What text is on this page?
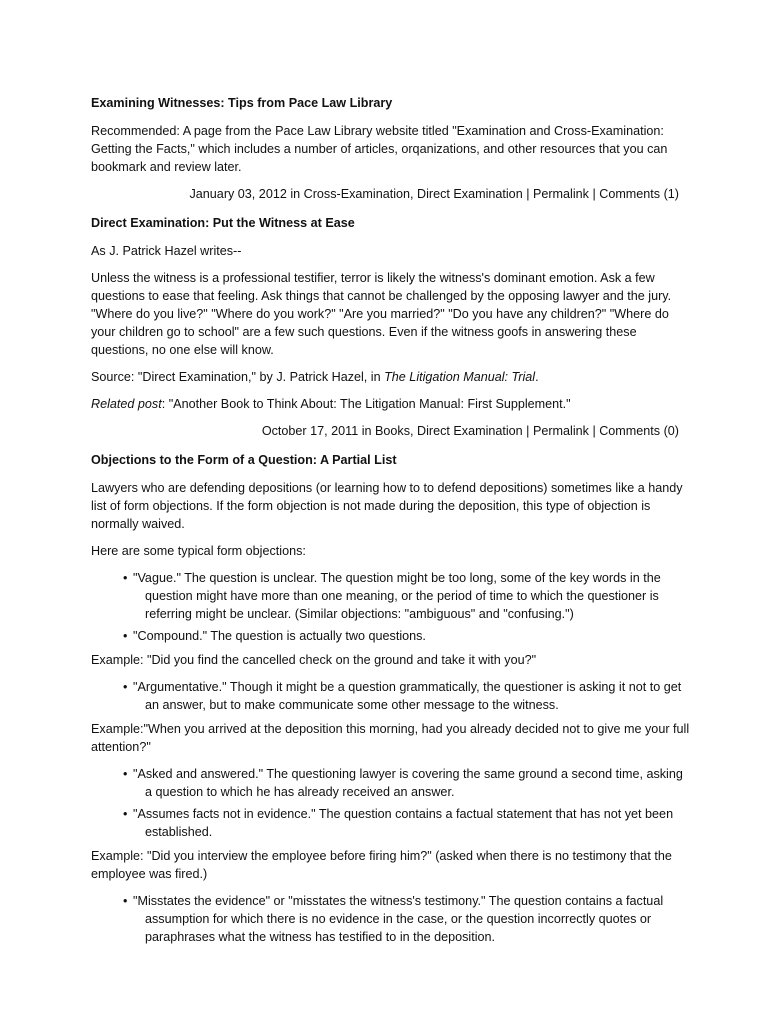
Examining Witnesses: Tips from Pace Law Library

Recommended: A page from the Pace Law Library website titled "Examination and Cross-Examination: Getting the Facts," which includes a number of articles, orqanizations, and other resources that you can bookmark and review later.

January 03, 2012 in Cross-Examination, Direct Examination | Permalink | Comments (1)

Direct Examination: Put the Witness at Ease

As J. Patrick Hazel writes--

Unless the witness is a professional testifier, terror is likely the witness's dominant emotion. Ask a few questions to ease that feeling. Ask things that cannot be challenged by the opposing lawyer and the jury. "Where do you live?" "Where do you work?" "Are you married?" "Do you have any children?" "Where do your children go to school" are a few such questions. Even if the witness goofs in answering these questions, no one else will know.

Source: "Direct Examination," by J. Patrick Hazel, in The Litigation Manual: Trial.

Related post: "Another Book to Think About: The Litigation Manual: First Supplement."

October 17, 2011 in Books, Direct Examination | Permalink | Comments (0)

Objections to the Form of a Question: A Partial List

Lawyers who are defending depositions (or learning how to to defend depositions) sometimes like a handy list of form objections. If the form objection is not made during the deposition, this type of objection is normally waived.

Here are some typical form objections:

• "Vague." The question is unclear. The question might be too long, some of the key words in the question might have more than one meaning, or the period of time to which the questioner is referring might be unclear. (Similar objections: "ambiguous" and "confusing.")
• "Compound." The question is actually two questions.

Example: "Did you find the cancelled check on the ground and take it with you?"

• "Argumentative." Though it might be a question grammatically, the questioner is asking it not to get an answer, but to make communicate some other message to the witness.

Example:"When you arrived at the deposition this morning, had you already decided not to give me your full attention?"

• "Asked and answered." The questioning lawyer is covering the same ground a second time, asking a question to which he has already received an answer.
• "Assumes facts not in evidence." The question contains a factual statement that has not yet been established.

Example: "Did you interview the employee before firing him?" (asked when there is no testimony that the employee was fired.)

• "Misstates the evidence" or "misstates the witness's testimony." The question contains a factual assumption for which there is no evidence in the case, or the question incorrectly quotes or paraphrases what the witness has testified to in the deposition.
